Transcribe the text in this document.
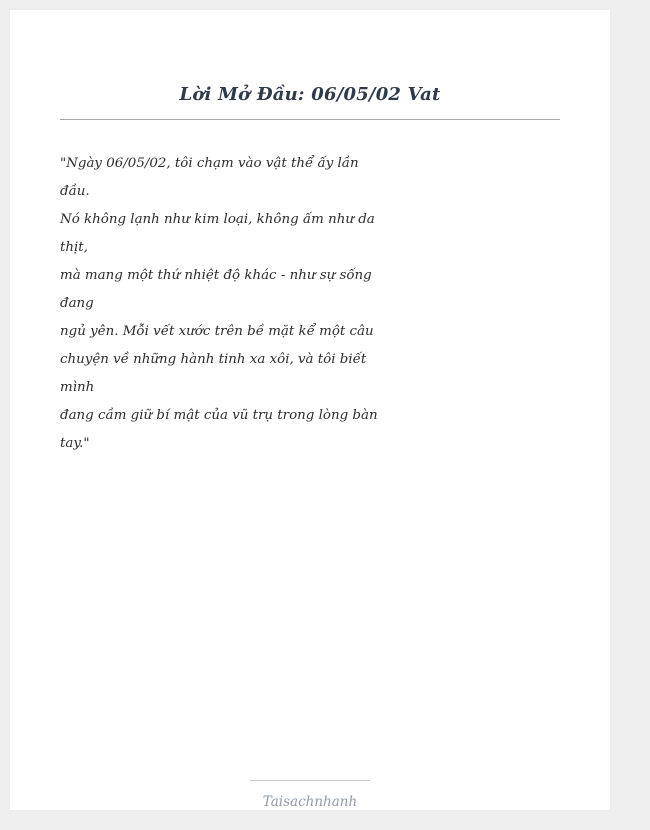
Lời Mở Đầu: 06/05/02 Vat
"Ngày 06/05/02, tôi chạm vào vật thể ấy lần
đầu.
Nó không lạnh như kim loại, không ấm như da
thịt,
mà mang một thứ nhiệt độ khác - như sự sống
đang
ngủ yên. Mỗi vết xước trên bề mặt kể một câu
chuyện về những hành tinh xa xôi, và tôi biết
mình
đang cầm giữ bí mật của vũ trụ trong lòng bàn
tay."
Taisachnhanh
